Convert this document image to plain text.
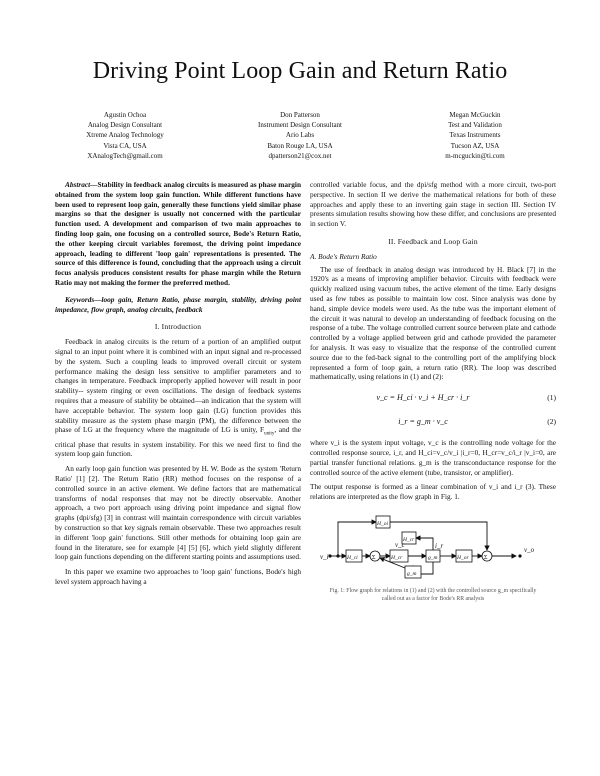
Driving Point Loop Gain and Return Ratio
Agustin Ochoa
Analog Design Consultant
Xtreme Analog Technology
Vista CA, USA
XAnalogTech@gmail.com
Don Patterson
Instrument Design Consultant
Ario Labs
Baton Rouge LA, USA
dpatterson21@cox.net
Megan McGuckin
Test and Validation
Texas Instruments
Tucson AZ, USA
m-mcguckin@ti.com

Abstract—Stability in feedback analog circuits is measured as phase margin obtained from the system loop gain function. While different functions have been used to represent loop gain, generally these functions yield similar phase margins so that the designer is usually not concerned with the particular function used. A development and comparison of two main approaches to finding loop gain, one focusing on a controlled source, Bode's Return Ratio, the other keeping circuit variables foremost, the driving point impedance approach, leading to different 'loop gain' representations is presented. The source of this difference is found, concluding that the approach using a circuit focus analysis produces consistent results for phase margin while the Return Ratio may not making the former the preferred method.

Keywords—loop gain, Return Ratio, phase margin, stability, driving point impedance, flow graph, analog circuits, feedback

I. Introduction

Feedback in analog circuits is the return of a portion of an amplified output signal to an input point where it is combined with an input signal and re-processed by the system. Such a coupling leads to improved overall circuit or system performance making the design less sensitive to amplifier parameters and to changes in temperature. Feedback improperly applied however will result in poor stability-- system ringing or even oscillations. The design of feedback systems requires that a measure of stability be obtained—an indication that the system will have acceptable behavior. The system loop gain (LG) function provides this stability measure as the system phase margin (PM), the difference between the phase of LG at the frequency where the magnitude of LG is unity, $F_{unity}$, and the critical phase that results in system instability. For this we need first to find the system loop gain function.

An early loop gain function was presented by H. W. Bode as the system 'Return Ratio' [1] [2]. The Return Ratio (RR) method focuses on the response of a controlled source in an active element. We define factors that are mathematical transforms of nodal responses that may not be directly observable. Another approach, a two port approach using driving point impedance and signal flow graphs (dpi/sfg) [3] in contrast will maintain correspondence with circuit variables by construction so that key signals remain observable. These two approaches result in different 'loop gain' functions. Still other methods for obtaining loop gain are found in the literature, see for example [4] [5] [6], which yield slightly different loop gain functions depending on the different starting points and assumptions used.

In this paper we examine two approaches to 'loop gain' functions, Bode's high level system approach having a

controlled variable focus, and the dpi/sfg method with a more circuit, two-port perspective. In section II we derive the mathematical relations for both of these approaches and apply these to an inverting gain stage in section III. Section IV presents simulation results showing how these differ, and conclusions are presented in section V.

II. Feedback and Loop Gain
A. Bode's Return Ratio

The use of feedback in analog design was introduced by H. Black [7] in the 1920's as a means of improving amplifier behavior. Circuits with feedback were quickly realized using vacuum tubes, the active element of the time. Early designs used as few tubes as possible to maintain low cost. Since analysis was done by hand, simple device models were used. As the tube was the important element of the circuit it was natural to develop an understanding of feedback focusing on the response of a tube. The voltage controlled current source between plate and cathode controlled by a voltage applied between grid and cathode provided the parameter for analysis. It was easy to visualize that the response of the controlled current source due to the fed-back signal to the controlling port of the amplifying block represented a form of loop gain, a return ratio (RR). The loop was described mathematically, using relations in (1) and (2):

v_c = H_ci · v_i + H_cr · i_r	(1)
i_r = g_m · v_c	(2)

where v_i is the system input voltage, v_c is the controlling node voltage for the controlled response source, i_r, and H_ci=v_c/v_i |i_r=0, H_cr=v_c/i_r |v_i=0, are partial transfer functional relations. g_m is the transconductance response for the controlled source of the active element (tube, transistor, or amplifier).

The output response is formed as a linear combination of v_i and i_r (3). These relations are interpreted as the flow graph in Fig. 1.

v_i
v_o
v_c	i_r
H_ci	H_cr	g_m	H_or
H_oi
H_cr
g_m
Σ	Σ
Fig. 1: Flow graph for relations in (1) and (2) with the controlled source g_m specifically called out as a factor for Bode's RR analysis
